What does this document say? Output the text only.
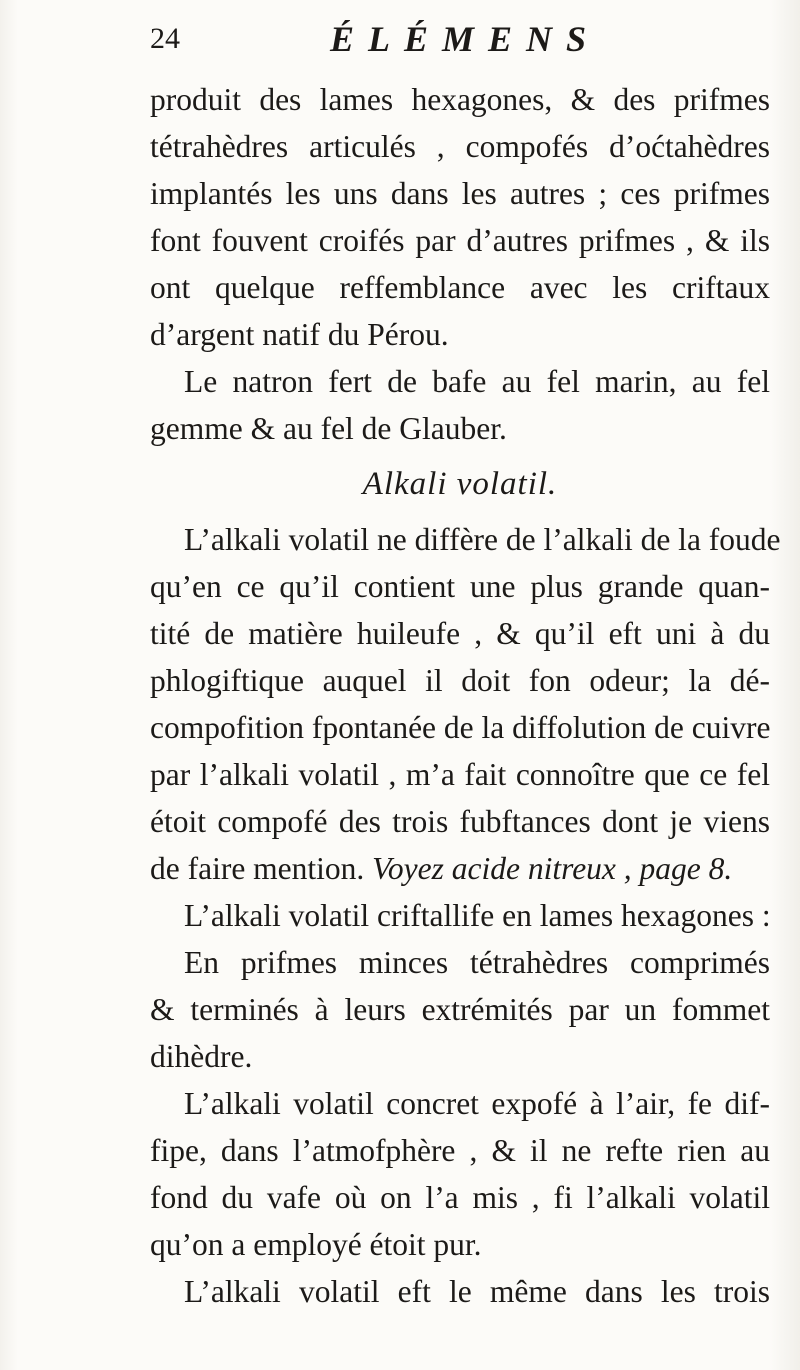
24	ÉLÉMENS
produit des lames hexagones, & des prifmes
tétrahèdres articulés , compofés d’oćtahèdres
implantés les uns dans les autres ; ces prifmes
font fouvent croifés par d’autres prifmes , & ils
ont quelque reffemblance avec les criftaux
d’argent natif du Pérou.
Le natron fert de bafe au fel marin, au fel
gemme & au fel de Glauber.
Alkali volatil.
L’alkali volatil ne diffère de l’alkali de la foude
qu’en ce qu’il contient une plus grande quan-
tité de matière huileufe , & qu’il eft uni à du
phlogiftique auquel il doit fon odeur; la dé-
compofition fpontanée de la diffolution de cuivre
par l’alkali volatil , m’a fait connoître que ce fel
étoit compofé des trois fubftances dont je viens
de faire mention. Voyez acide nitreux , page 8.
L’alkali volatil criftallife en lames hexagones :
En prifmes minces tétrahèdres comprimés
& terminés à leurs extrémités par un fommet
dihèdre.
L’alkali volatil concret expofé à l’air, fe dif-
fipe, dans l’atmofphère , & il ne refte rien au
fond du vafe où on l’a mis , fi l’alkali volatil
qu’on a employé étoit pur.
L’alkali volatil eft le même dans les trois
